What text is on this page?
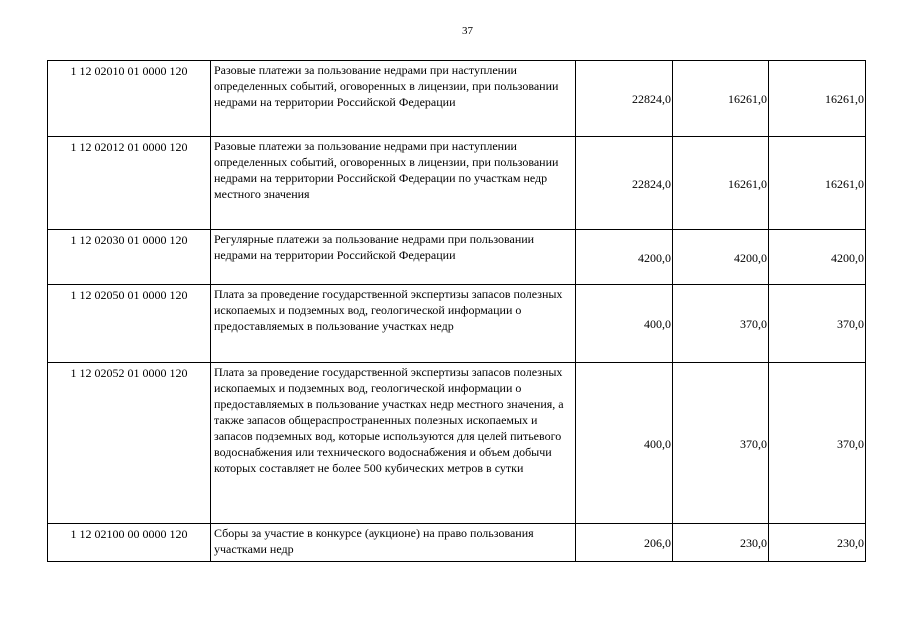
37
1 12 02010 01 0000 120	Разовые платежи за пользование недрами при наступлении определенных событий, оговоренных в лицензии, при пользовании недрами на территории Российской Федерации	22824,0	16261,0	16261,0
1 12 02012 01 0000 120	Разовые платежи за пользование недрами при наступлении определенных событий, оговоренных в лицензии, при пользовании недрами на территории Российской Федерации по участкам недр местного значения	22824,0	16261,0	16261,0
1 12 02030 01 0000 120	Регулярные платежи за пользование недрами при пользовании недрами на территории Российской Федерации	4200,0	4200,0	4200,0
1 12 02050 01 0000 120	Плата за проведение государственной экспертизы запасов полезных ископаемых и подземных вод, геологической информации о предоставляемых в пользование участках недр	400,0	370,0	370,0
1 12 02052 01 0000 120	Плата за проведение государственной экспертизы запасов полезных ископаемых и подземных вод, геологической информации о предоставляемых в пользование участках недр местного значения, а также запасов общераспространенных полезных ископаемых и запасов подземных вод, которые используются для целей питьевого водоснабжения или технического водоснабжения и объем добычи которых составляет не более 500 кубических метров в сутки	400,0	370,0	370,0
1 12 02100 00 0000 120	Сборы за участие в конкурсе (аукционе) на право пользования участками недр	206,0	230,0	230,0
